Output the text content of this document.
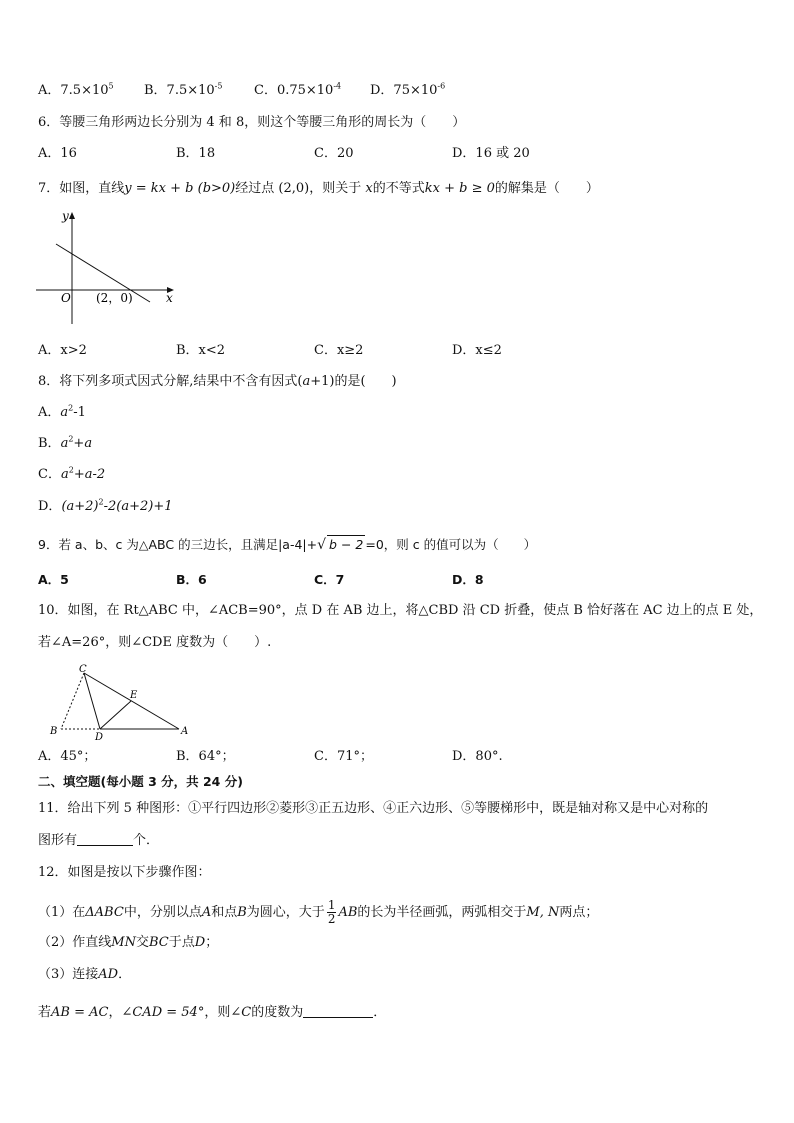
A．$7.5\times 10^5$ B．$7.5\times 10^{-5}$ C．$0.75\times 10^{-4}$ D．$75\times 10^{-6}$
6．等腰三角形两边长分别为 4 和 8，则这个等腰三角形的周长为（　　）
A．16	B．18	C．20	D．16 或 20
7．如图，直线y = kx + b (b>0)经过点 (2,0)，则关于 x的不等式kx + b ≥ 0的解集是（　　）
y
x
O (2，0)
A．x>2	B．x<2	C．x≥2	D．x≤2
8．将下列多项式因式分解,结果中不含有因式(a+1)的是(　　)
A．$a^2-1$
B．$a^2+a$
C．$a^2+a-2$
D．$(a+2)^2-2(a+2)+1$
9．若 a、b、c 为△ABC 的三边长，且满足|a-4|+√ b − 2 =0，则 c 的值可以为（　　）
A．5	B．6	C．7	D．8
10．如图，在 Rt△ABC 中，∠ACB=90°，点 D 在 AB 边上，将△CBD 沿 CD 折叠，使点 B 恰好落在 AC 边上的点 E 处，
若∠A=26°，则∠CDE 度数为（　　）.
C
E
B
D
A
A．45°；	B．64°；	C．71°；	D．80°.
二、填空题(每小题 3 分，共 24 分)
11．给出下列 5 种图形：①平行四边形②菱形③正五边形、④正六边形、⑤等腰梯形中，既是轴对称又是中心对称的
图形有	个．
12．如图是按以下步骤作图：
（1）在ΔABC中，分别以点A和点B为圆心，大于 $\frac{1}{2}$ AB的长为半径画弧，两弧相交于M, N两点；
（2）作直线MN交BC于点D；
（3）连接AD．
若AB = AC，∠CAD = 54°，则∠C的度数为	．
